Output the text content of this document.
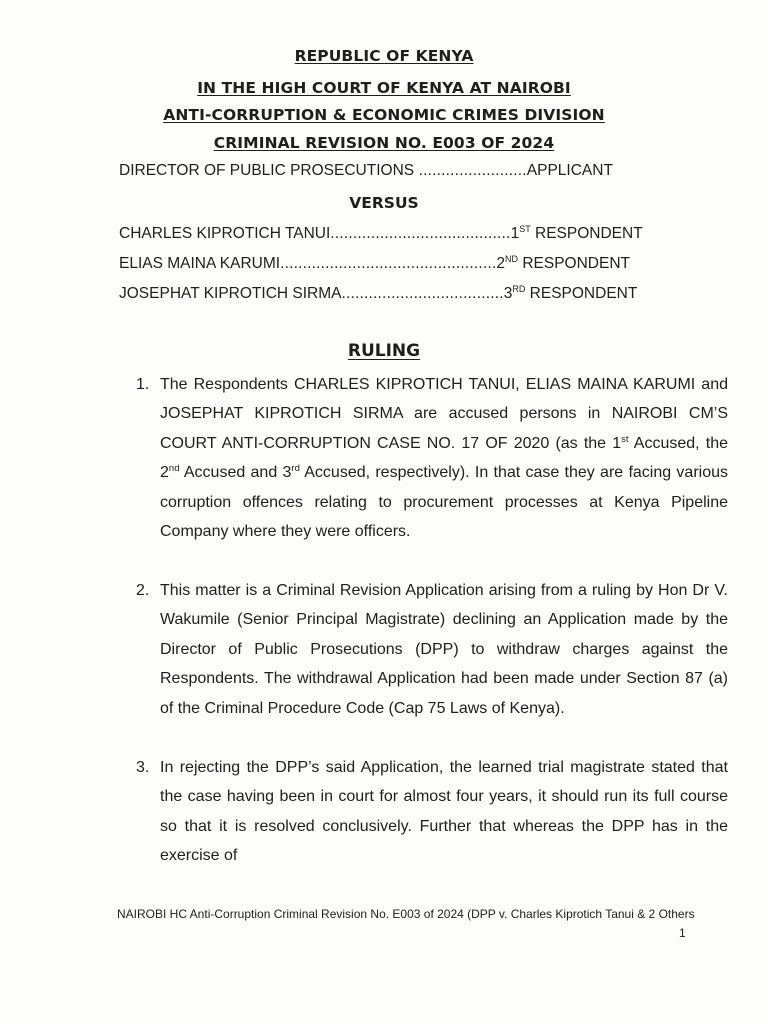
REPUBLIC OF KENYA
IN THE HIGH COURT OF KENYA AT NAIROBI
ANTI-CORRUPTION & ECONOMIC CRIMES DIVISION
CRIMINAL REVISION NO. E003 OF 2024
DIRECTOR OF PUBLIC PROSECUTIONS ........................APPLICANT
VERSUS
CHARLES KIPROTICH TANUI........................................1ST RESPONDENT
ELIAS MAINA KARUMI................................................2ND RESPONDENT
JOSEPHAT KIPROTICH SIRMA....................................3RD RESPONDENT
RULING
1. The Respondents CHARLES KIPROTICH TANUI, ELIAS MAINA KARUMI and JOSEPHAT KIPROTICH SIRMA are accused persons in NAIROBI CM’S COURT ANTI-CORRUPTION CASE NO. 17 OF 2020 (as the 1st Accused, the 2nd Accused and 3rd Accused, respectively). In that case they are facing various corruption offences relating to procurement processes at Kenya Pipeline Company where they were officers.
2. This matter is a Criminal Revision Application arising from a ruling by Hon Dr V. Wakumile (Senior Principal Magistrate) declining an Application made by the Director of Public Prosecutions (DPP) to withdraw charges against the Respondents. The withdrawal Application had been made under Section 87 (a) of the Criminal Procedure Code (Cap 75 Laws of Kenya).
3. In rejecting the DPP’s said Application, the learned trial magistrate stated that the case having been in court for almost four years, it should run its full course so that it is resolved conclusively. Further that whereas the DPP has in the exercise of
NAIROBI HC Anti-Corruption Criminal Revision No. E003 of 2024 (DPP v. Charles Kiprotich Tanui & 2 Others
1
